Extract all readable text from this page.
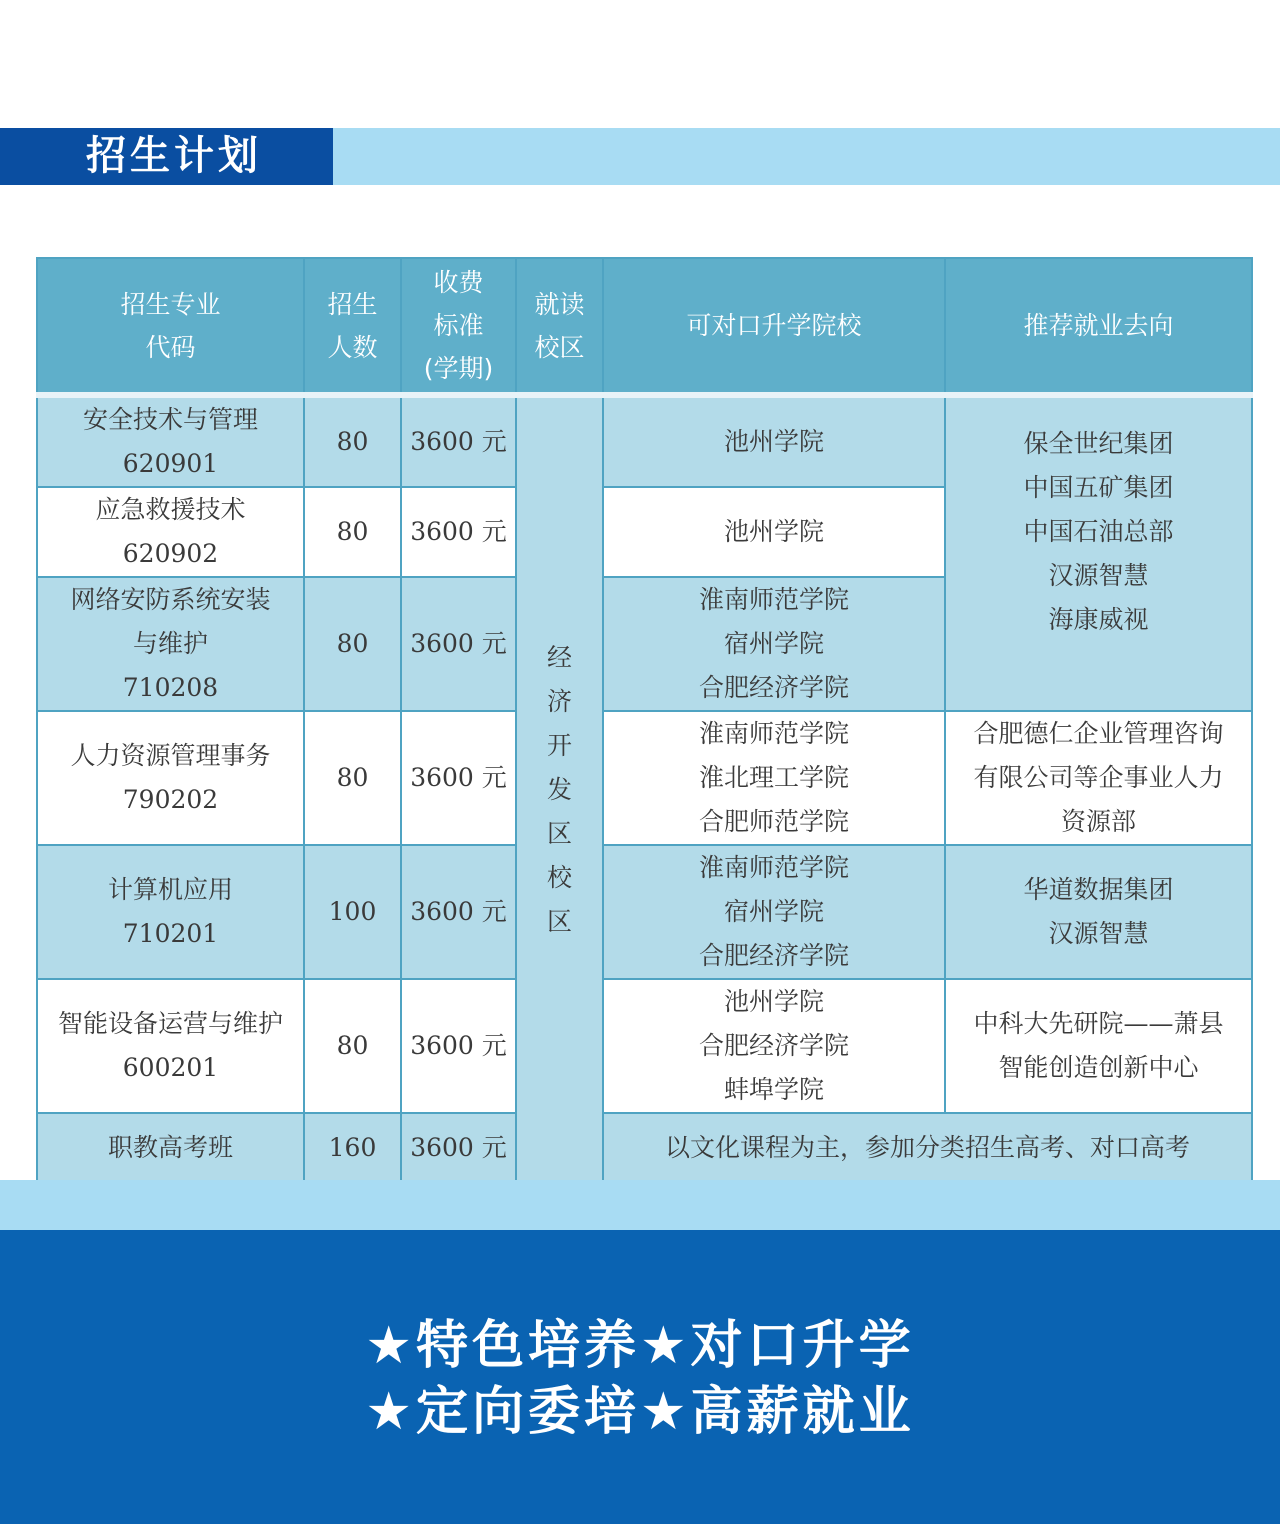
招生计划
招生专业
代码	招生
人数	收费
标准
(学期)	就读
校区	可对口升学院校	推荐就业去向

安全技术与管理
620901	80	3600 元	经济开发区校区	池州学院	保全世纪集团
中国五矿集团
中国石油总部
汉源智慧
海康威视

应急救援技术
620902	80	3600 元		池州学院	

网络安防系统安装
与维护
710208	80	3600 元		淮南师范学院
宿州学院
合肥经济学院	

人力资源管理事务
790202	80	3600 元		淮南师范学院
淮北理工学院
合肥师范学院	合肥德仁企业管理咨询
有限公司等企事业人力
资源部

计算机应用
710201	100	3600 元		淮南师范学院
宿州学院
合肥经济学院	华道数据集团
汉源智慧

智能设备运营与维护
600201	80	3600 元		池州学院
合肥经济学院
蚌埠学院	中科大先研院——萧县
智能创造创新中心

职教高考班	160	3600 元		以文化课程为主，参加分类招生高考、对口高考	
★特色培养★对口升学
★定向委培★高薪就业
